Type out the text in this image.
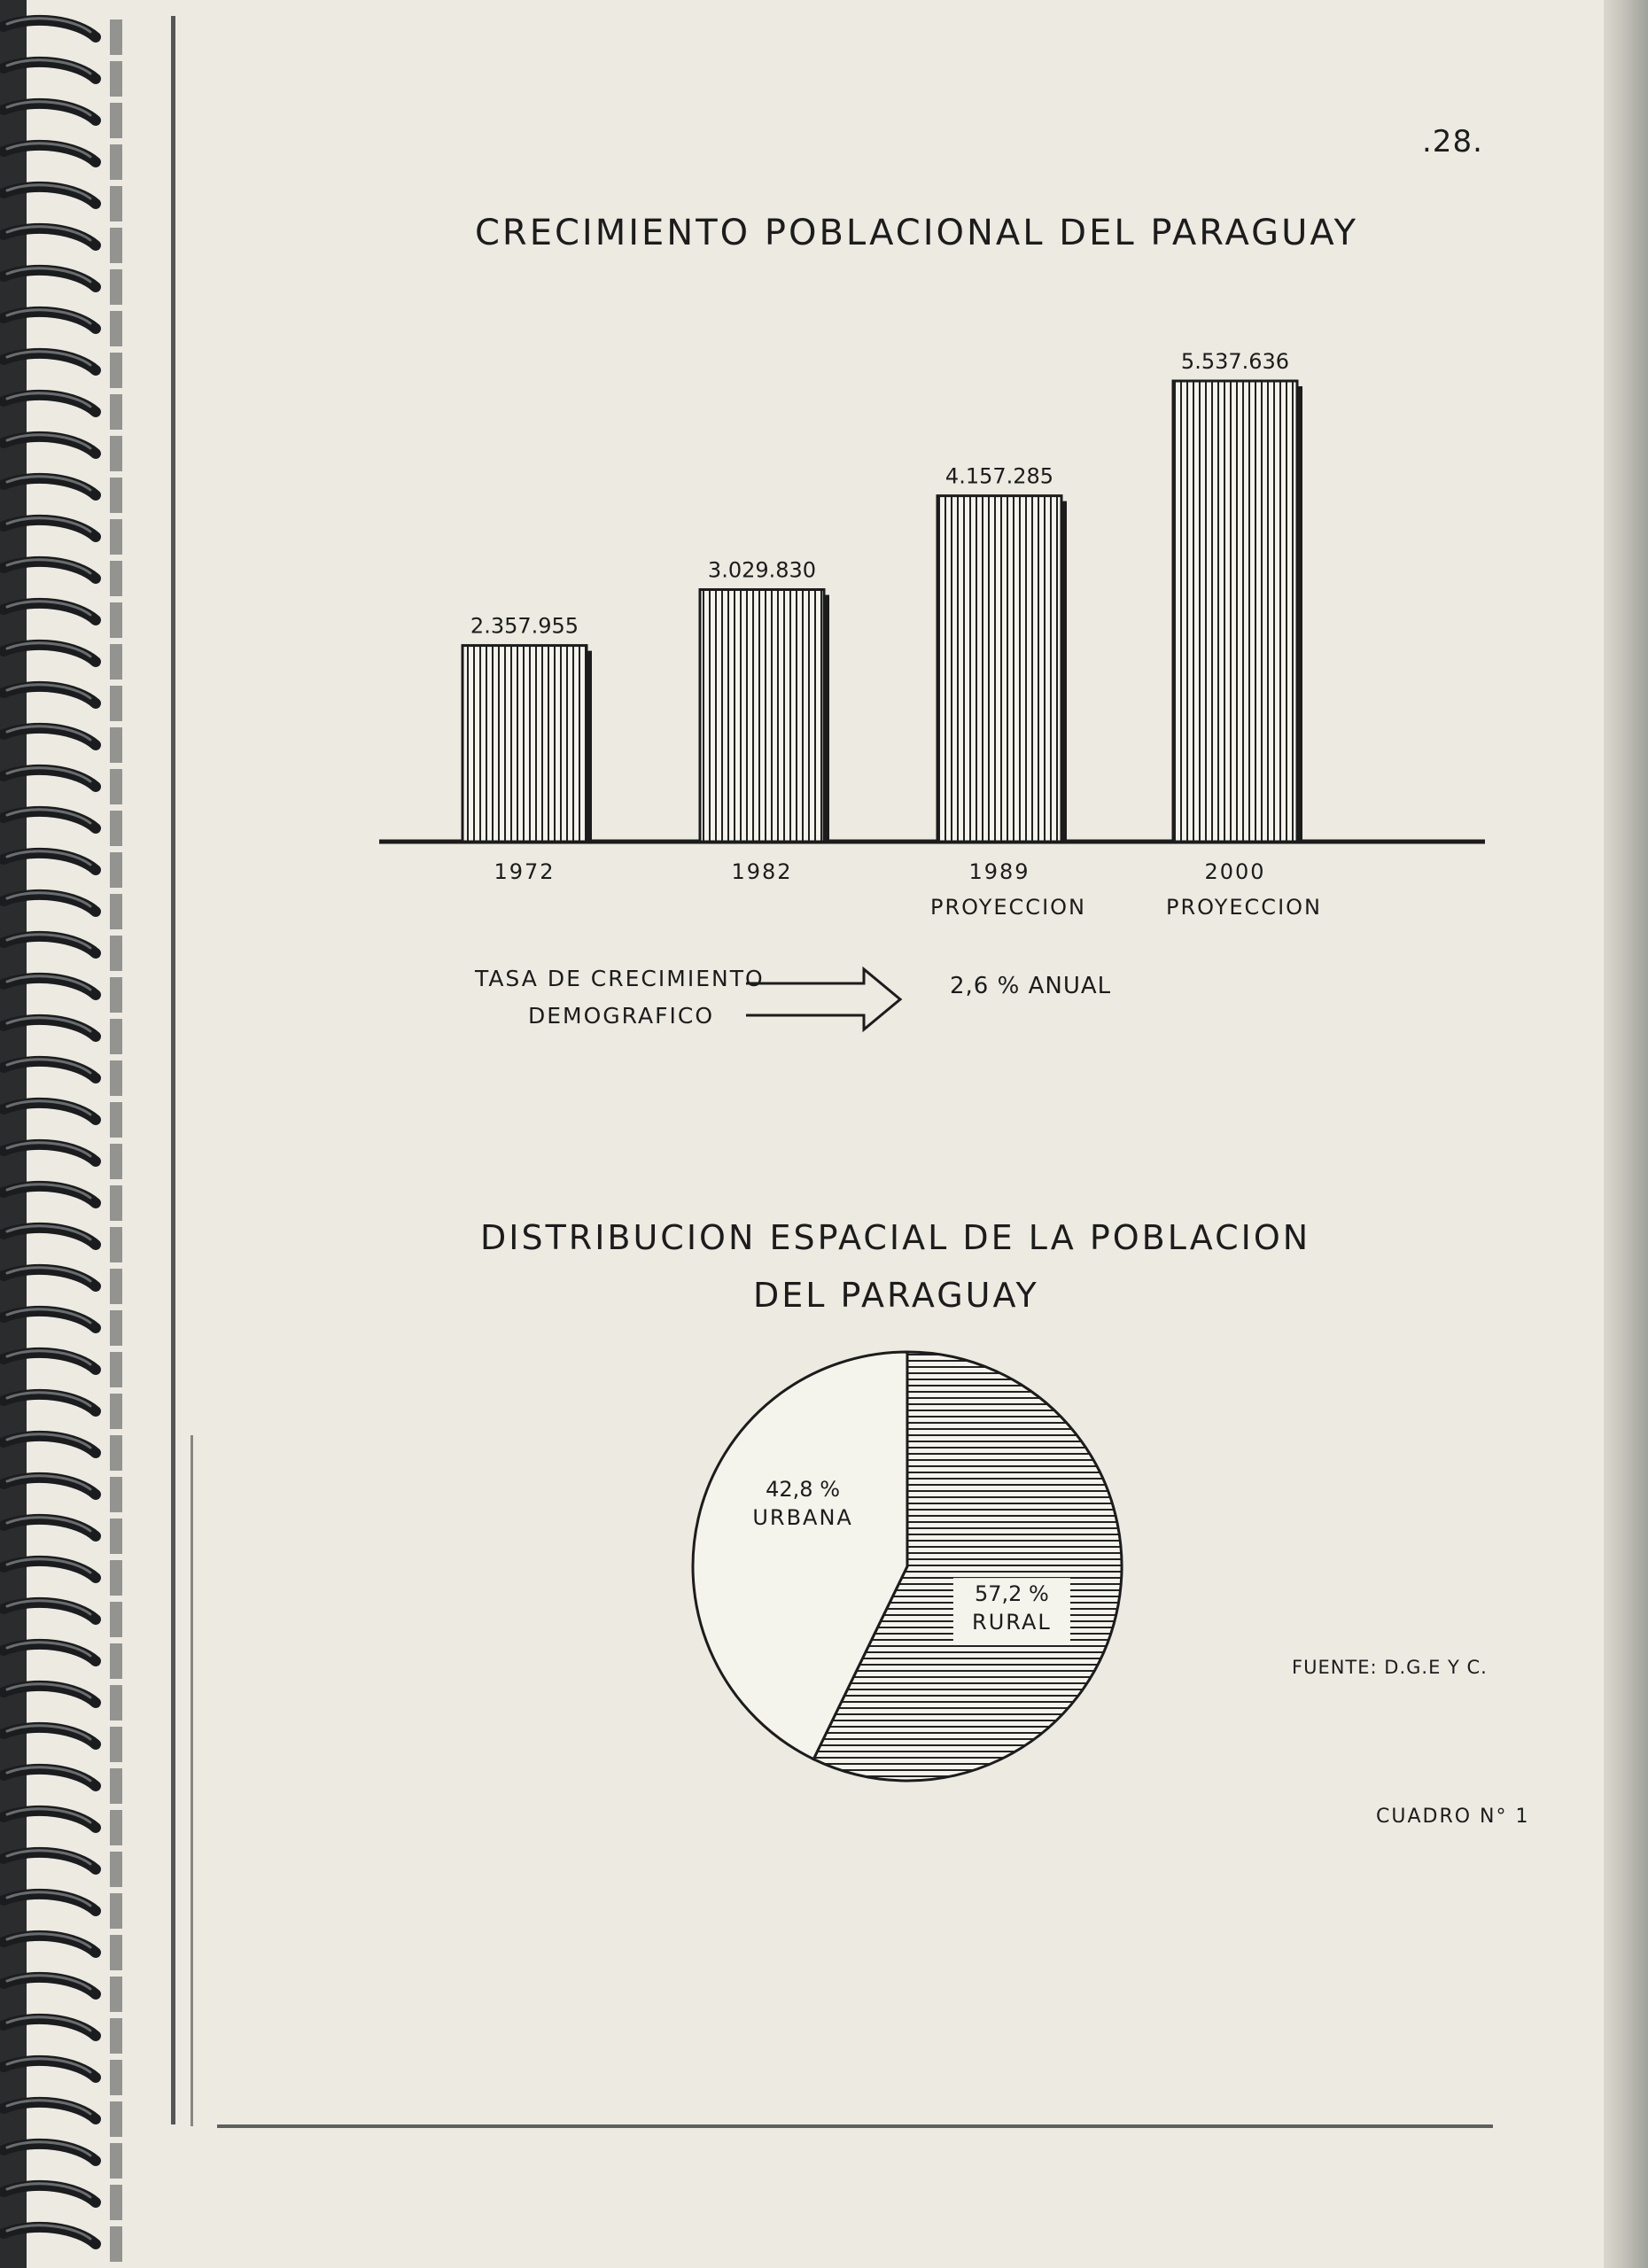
.28.
CRECIMIENTO POBLACIONAL DEL PARAGUAY
2.357.955
1972
3.029.830
1982
4.157.285
1989
PROYECCION
5.537.636
2000
PROYECCION
TASA DE CRECIMIENTO
DEMOGRAFICO
2,6 % ANUAL
DISTRIBUCION ESPACIAL DE LA POBLACION
DEL PARAGUAY
57,2 %
RURAL
42,8 %
URBANA
FUENTE: D.G.E Y C.
CUADRO N° 1
